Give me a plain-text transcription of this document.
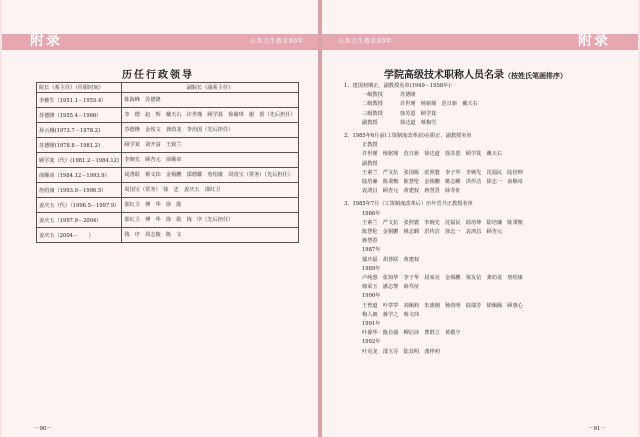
公共卫生教育80年
附录
历任行政领导
院长（系主任）（任职时间）	副院长（副系主任）
李雅生（1951.1－1955.4）	陈海峰　苏德隆
苏德隆（1955.4－1966）	李　德　赵　辉　戴天右　许世瑾　顾学箕　徐蘋琪　谢　震（先后担任）
孙云娥(1973.7－1978.2)	苏德隆　金钦文　龚幼龙　李治国（先后担任）
苏德隆(1978.8－1981.2)	顾学箕　刘开富　王致兰
顾学箕（代）(1981.2－1984.12)	李婉先　顾杏元　俞顺章
俞顺章（1984.12－1993.9）	胡善联　蔡文玮　金锡鹏　邵德耀　詹绍康　周国宝（常务）（先后担任）
詹绍康（1993.9－1996.5）	周国宝（常务）　徐　忠　姜庆五　邵红卫
姜庆五（代）（1996.5－1997.9）	邵红卫　傅　华　徐　勋
姜庆五（1997.9－2004）	邵红卫　傅　华　徐　勋　钱　序（先后担任）
姜庆五（2004－　　）	钱　序　周志俊　陈　文
－90－
公共卫生教育80年	附录
学院高级技术职称人员名录（按姓氏笔画排序）
1、建国初期正、副教授名单(1949－1958年)：
一级教授	苏德隆
二级教授	许世瑾　杨铭鼎　范日新　戴天右
三级教授	徐苏恩　顾学箕
副教授	徐达道　蔡梅雪
2、1985年6月前(工资制度改革前)在职正、副教授名单
正教授
许世瑾　杨铭鼎　范日新　徐达道　徐苏恩　顾学箕　戴天右
副教授
王素兰　严文抗　张国栋　张照寰　李子华　李婉先　沈福民　陆培坤
陆培廉　陈秉衡　陈慧伦　金锡鹏　姚志麒　洪传洁　徐志一　俞顺章
袁鸿昌　顾杏元　黄建权　蒋慧熹　薛寿征
3、1985年7月（工资制度改革后）历年晋升正教授名单
1986年
王素兰　严文抗　张照寰　李婉先　沈福民　陆培坤　陆培廉　陈秉衡
陈慧伦　金锡鹏　姚志麒　洪传洁　徐志一　袁鸿昌　顾杏元
蒋慧熹
1987年
郁庆福　胡善联　黄建权
1989年
卢纯惠　张知华　李子华　屈家亮　金锡鹏　梁友信　龚幼龙　詹绍康
韩荣玉　潘志黎　薛寿征
1990年
王曾道　叶葶葶　刘佩莉　朱惠刚　杨幼明　陆瑞芳　徐佩佩　顾惠心
梅人朗　蒋学之　蔡文玮
1991年
叶葆华　陈自强　柳启沛　曹群立　黄敬亨
1992年
叶克龙　邵玉芬　陆其明　龚梓初
－91－
